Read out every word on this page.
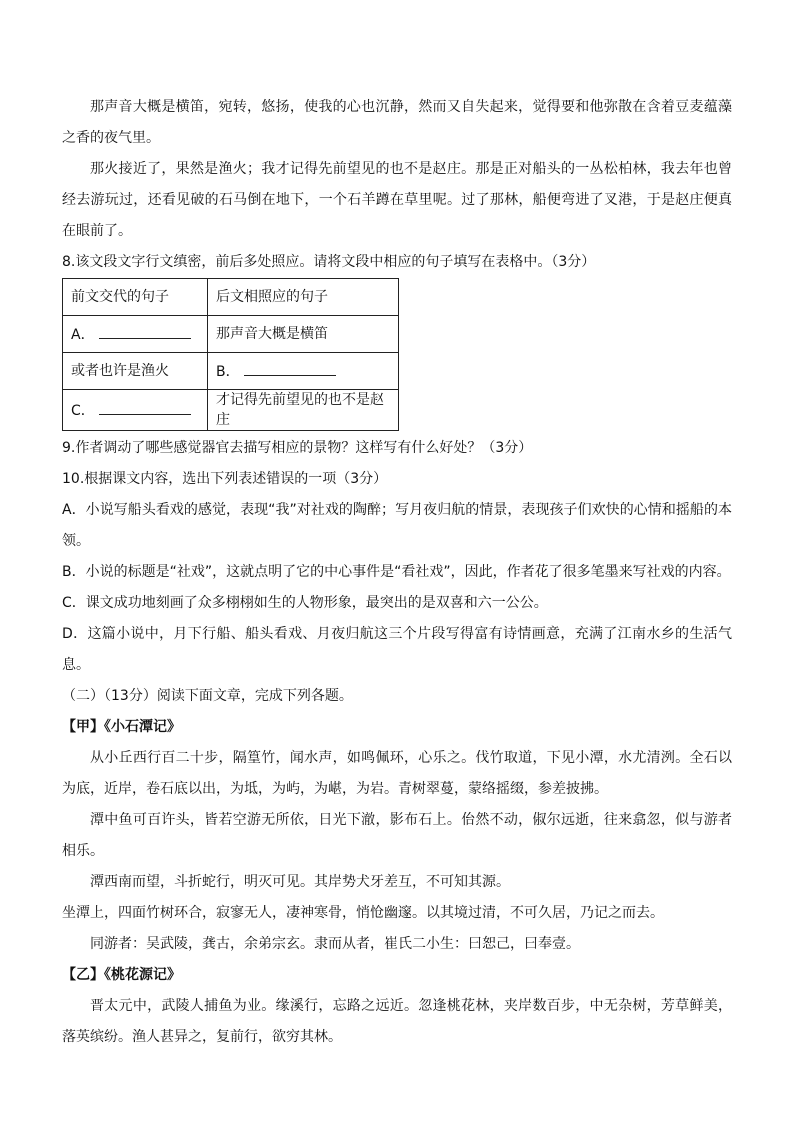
那声音大概是横笛，宛转，悠扬，使我的心也沉静，然而又自失起来，觉得要和他弥散在含着豆麦蕴藻之香的夜气里。

那火接近了，果然是渔火；我才记得先前望见的也不是赵庄。那是正对船头的一丛松柏林，我去年也曾经去游玩过，还看见破的石马倒在地下，一个石羊蹲在草里呢。过了那林，船便弯进了叉港，于是赵庄便真在眼前了。

8.该文段文字行文缜密，前后多处照应。请将文段中相应的句子填写在表格中。（3分）

前文交代的句子	后文相照应的句子
A．	那声音大概是横笛
或者也许是渔火	B．
C．	才记得先前望见的也不是赵庄

9.作者调动了哪些感觉器官去描写相应的景物？这样写有什么好处？（3分）

10.根据课文内容，选出下列表述错误的一项（3分）

A．小说写船头看戏的感觉，表现“我”对社戏的陶醉；写月夜归航的情景，表现孩子们欢快的心情和摇船的本领。

B．小说的标题是“社戏”，这就点明了它的中心事件是“看社戏”，因此，作者花了很多笔墨来写社戏的内容。

C．课文成功地刻画了众多栩栩如生的人物形象，最突出的是双喜和六一公公。

D．这篇小说中，月下行船、船头看戏、月夜归航这三个片段写得富有诗情画意，充满了江南水乡的生活气息。

（二）（13分）阅读下面文章，完成下列各题。

【甲】《小石潭记》

从小丘西行百二十步，隔篁竹，闻水声，如鸣佩环，心乐之。伐竹取道，下见小潭，水尤清洌。全石以为底，近岸，卷石底以出，为坻，为屿，为嵁，为岩。青树翠蔓，蒙络摇缀，参差披拂。

潭中鱼可百许头，皆若空游无所依，日光下澈，影布石上。佁然不动，俶尔远逝，往来翕忽，似与游者相乐。

潭西南而望，斗折蛇行，明灭可见。其岸势犬牙差互，不可知其源。

坐潭上，四面竹树环合，寂寥无人，凄神寒骨，悄怆幽邃。以其境过清，不可久居，乃记之而去。

同游者：吴武陵，龚古，余弟宗玄。隶而从者，崔氏二小生：曰恕己，曰奉壹。

【乙】《桃花源记》

晋太元中，武陵人捕鱼为业。缘溪行，忘路之远近。忽逢桃花林，夹岸数百步，中无杂树，芳草鲜美，落英缤纷。渔人甚异之，复前行，欲穷其林。
